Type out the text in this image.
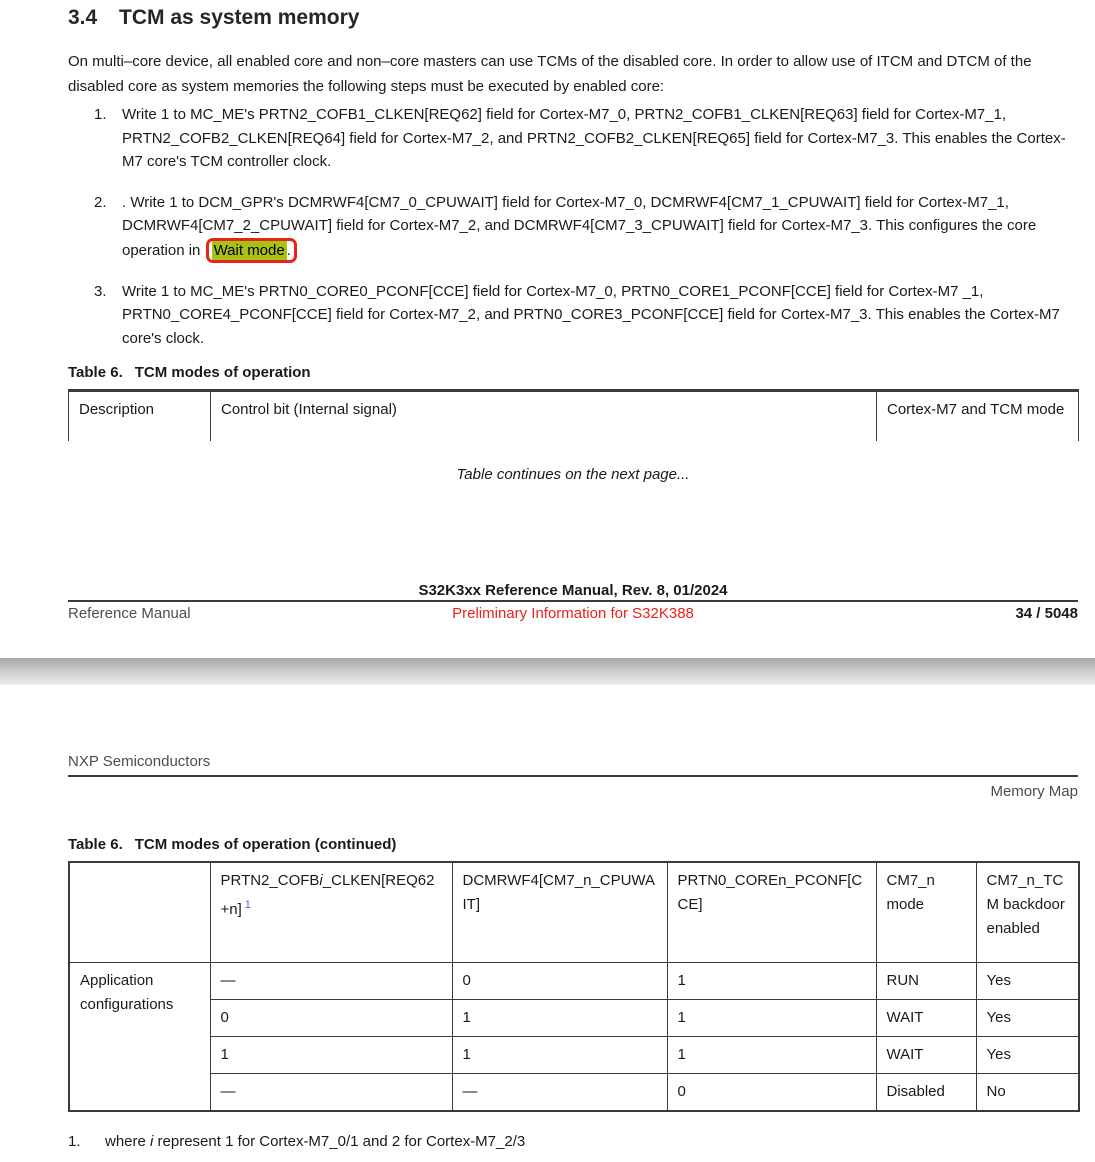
3.4 TCM as system memory

On multi–core device, all enabled core and non–core masters can use TCMs of the disabled core. In order to allow use of ITCM and DTCM of the disabled core as system memories the following steps must be executed by enabled core:

1. Write 1 to MC_ME's PRTN2_COFB1_CLKEN[REQ62] field for Cortex-M7_0, PRTN2_COFB1_CLKEN[REQ63] field for Cortex-M7_1, PRTN2_COFB2_CLKEN[REQ64] field for Cortex-M7_2, and PRTN2_COFB2_CLKEN[REQ65] field for Cortex-M7_3. This enables the Cortex-M7 core's TCM controller clock.
2. . Write 1 to DCM_GPR's DCMRWF4[CM7_0_CPUWAIT] field for Cortex-M7_0, DCMRWF4[CM7_1_CPUWAIT] field for Cortex-M7_1, DCMRWF4[CM7_2_CPUWAIT] field for Cortex-M7_2, and DCMRWF4[CM7_3_CPUWAIT] field for Cortex-M7_3. This configures the core operation in Wait mode .
3. Write 1 to MC_ME's PRTN0_CORE0_PCONF[CCE] field for Cortex-M7_0, PRTN0_CORE1_PCONF[CCE] field for Cortex-M7 _1, PRTN0_CORE4_PCONF[CCE] field for Cortex-M7_2, and PRTN0_CORE3_PCONF[CCE] field for Cortex-M7_3. This enables the Cortex-M7 core's clock.
Table 6. TCM modes of operation
Description	Control bit (Internal signal)	Cortex-M7 and TCM mode
Table continues on the next page...
S32K3xx Reference Manual, Rev. 8, 01/2024
Reference Manual	Preliminary Information for S32K388	34 / 5048
NXP Semiconductors
Memory Map
Table 6. TCM modes of operation (continued)
	PRTN2_COFBi_CLKEN[REQ62+n] $^1$	DCMRWF4[CM7_n_CPUWAIT]	PRTN0_COREn_PCONF[CCE]	CM7_n mode	CM7_n_TCM backdoor enabled
Application configurations	—	0	1	RUN	Yes
	0	1	1	WAIT	Yes
	1	1	1	WAIT	Yes
	—	—	0	Disabled	No
1. where i represent 1 for Cortex-M7_0/1 and 2 for Cortex-M7_2/3
